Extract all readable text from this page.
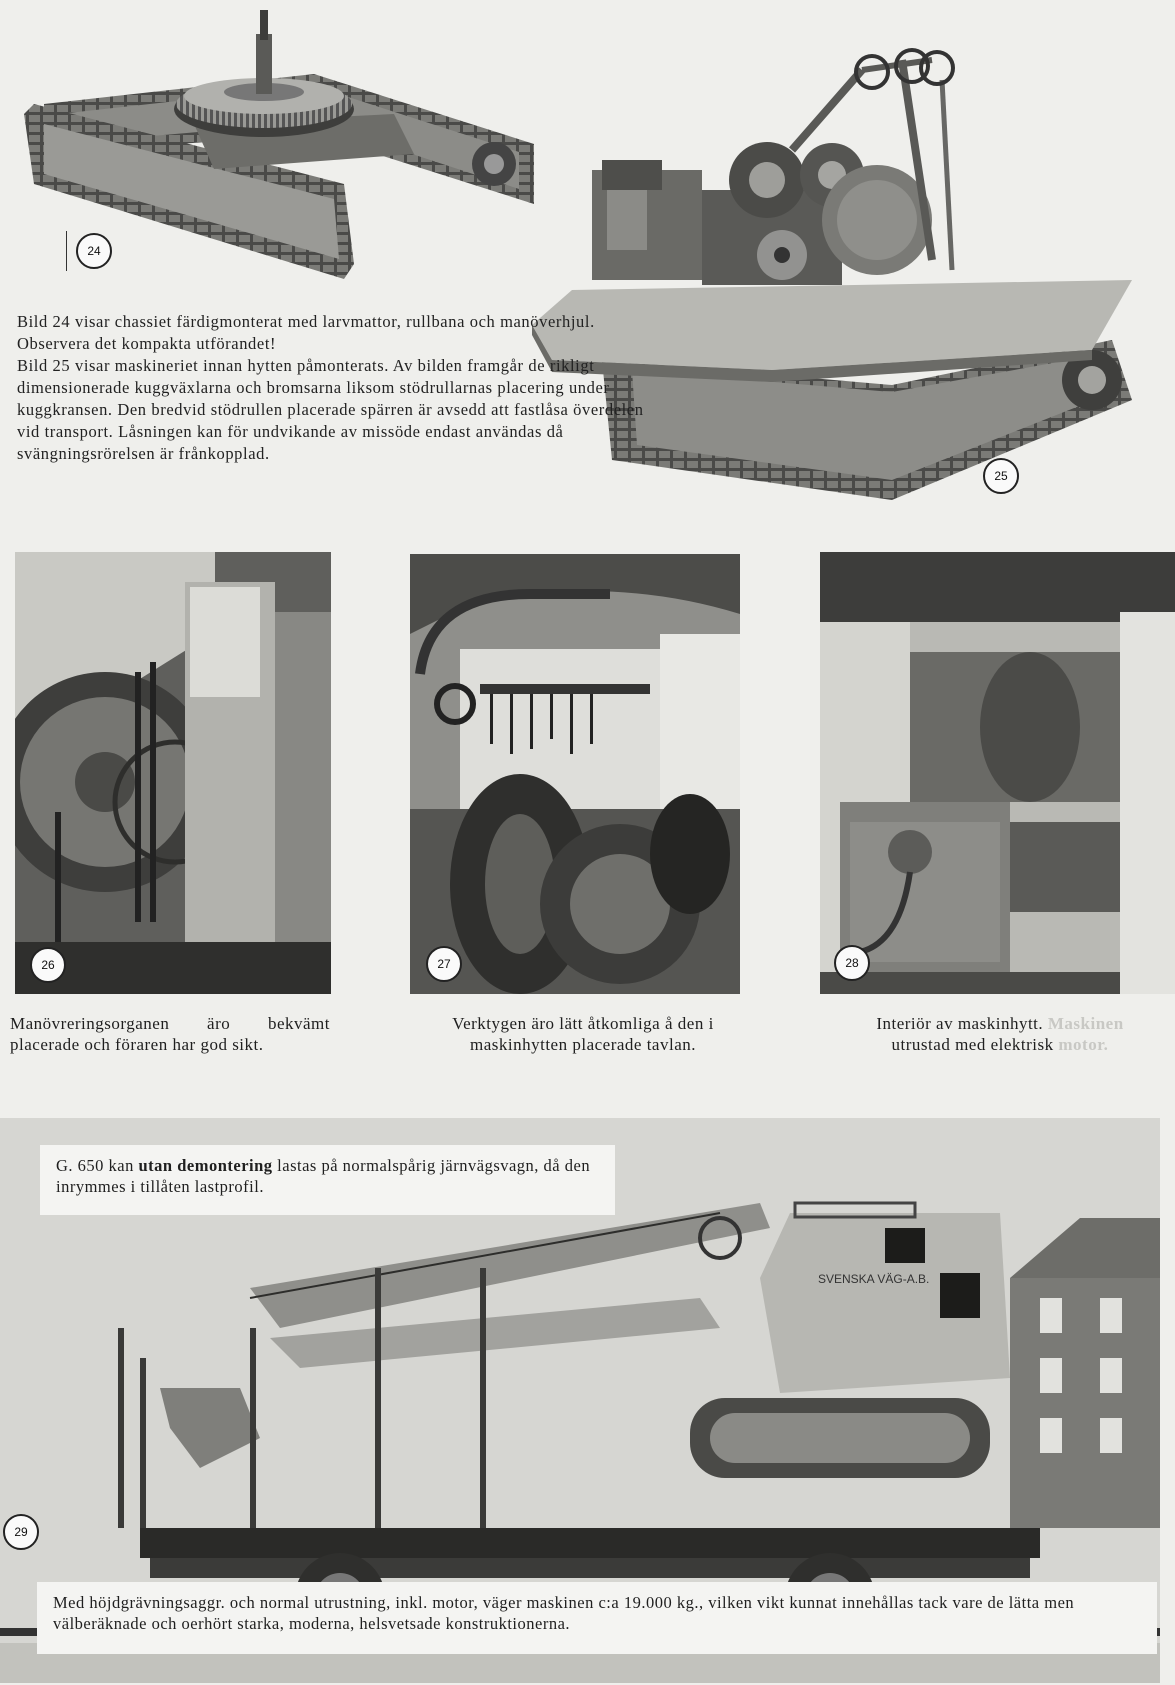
24
25

Bild 24 visar chassiet färdigmonterat med larvmattor, rullbana och manöverhjul. Observera det kompakta utförandet!

Bild 25 visar maskineriet innan hytten påmonterats. Av bilden framgår de rikligt dimensionerade kuggväxlarna och bromsarna liksom stödrullarnas placering under kuggkransen. Den bredvid stödrullen placerade spärren är avsedd att fastlåsa överdelen vid transport. Låsningen kan för undvikande av missöde endast användas då svängningsrörelsen är frånkopplad.

26
Manövreringsorganen äro bekvämt placerade och föraren har god sikt.
27
Verktygen äro lätt åtkomliga å den i maskinhytten placerade tavlan.
28
Interiör av maskinhytt. Maskinen
utrustad med elektrisk motor.
SVENSKA VÄG-A.B.
G. 650 kan utan demontering lastas på normalspårig järnvägsvagn, då den inrymmes i tillåten lastprofil.
29
Med höjdgrävningsaggr. och normal utrustning, inkl. motor, väger maskinen c:a 19.000 kg., vilken vikt kunnat innehållas tack vare de lätta men välberäknade och oerhört starka, moderna, helsvetsade konstruktionerna.
